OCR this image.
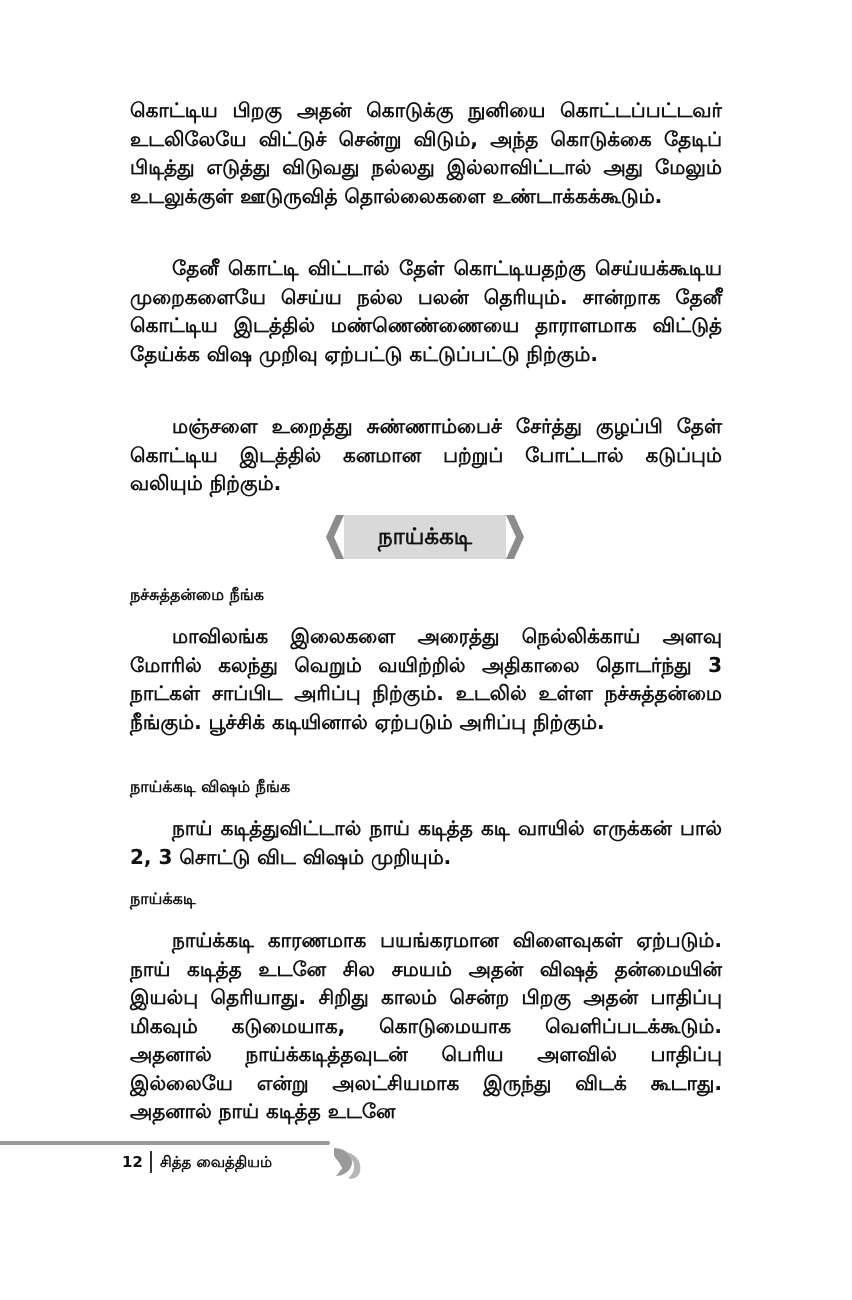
கொட்டிய பிறகு அதன் கொடுக்கு நுனியை கொட்டப்பட்டவர் உடலிலேயே விட்டுச் சென்று விடும், அந்த கொடுக்கை தேடிப் பிடித்து எடுத்து விடுவது நல்லது இல்லாவிட்டால் அது மேலும் உடலுக்குள் ஊடுருவித் தொல்லைகளை உண்டாக்கக்கூடும்.

தேனீ கொட்டி விட்டால் தேள் கொட்டியதற்கு செய்யக்கூடிய முறைகளையே செய்ய நல்ல பலன் தெரியும். சான்றாக தேனீ கொட்டிய இடத்தில் மண்ணெண்ணையை தாராளமாக விட்டுத் தேய்க்க விஷ முறிவு ஏற்பட்டு கட்டுப்பட்டு நிற்கும்.

மஞ்சளை உறைத்து சுண்ணாம்பைச் சேர்த்து குழப்பி தேள் கொட்டிய இடத்தில் கனமான பற்றுப் போட்டால் கடுப்பும் வலியும் நிற்கும்.

நாய்க்கடி
நச்சுத்தன்மை நீங்க

மாவிலங்க இலைகளை அரைத்து நெல்லிக்காய் அளவு மோரில் கலந்து வெறும் வயிற்றில் அதிகாலை தொடர்ந்து 3 நாட்கள் சாப்பிட அரிப்பு நிற்கும். உடலில் உள்ள நச்சுத்தன்மை நீங்கும். பூச்சிக் கடியினால் ஏற்படும் அரிப்பு நிற்கும்.

நாய்க்கடி விஷம் நீங்க

நாய் கடித்துவிட்டால் நாய் கடித்த கடி வாயில் எருக்கன் பால் 2, 3 சொட்டு விட விஷம் முறியும்.

நாய்க்கடி

நாய்க்கடி காரணமாக பயங்கரமான விளைவுகள் ஏற்படும். நாய் கடித்த உடனே சில சமயம் அதன் விஷத் தன்மையின் இயல்பு தெரியாது. சிறிது காலம் சென்ற பிறகு அதன் பாதிப்பு மிகவும் கடுமையாக, கொடுமையாக வெளிப்படக்கூடும். அதனால் நாய்க்கடித்தவுடன் பெரிய அளவில் பாதிப்பு இல்லையே என்று அலட்சியமாக இருந்து விடக் கூடாது. அதனால் நாய் கடித்த உடனே

12 சித்த வைத்தியம்
